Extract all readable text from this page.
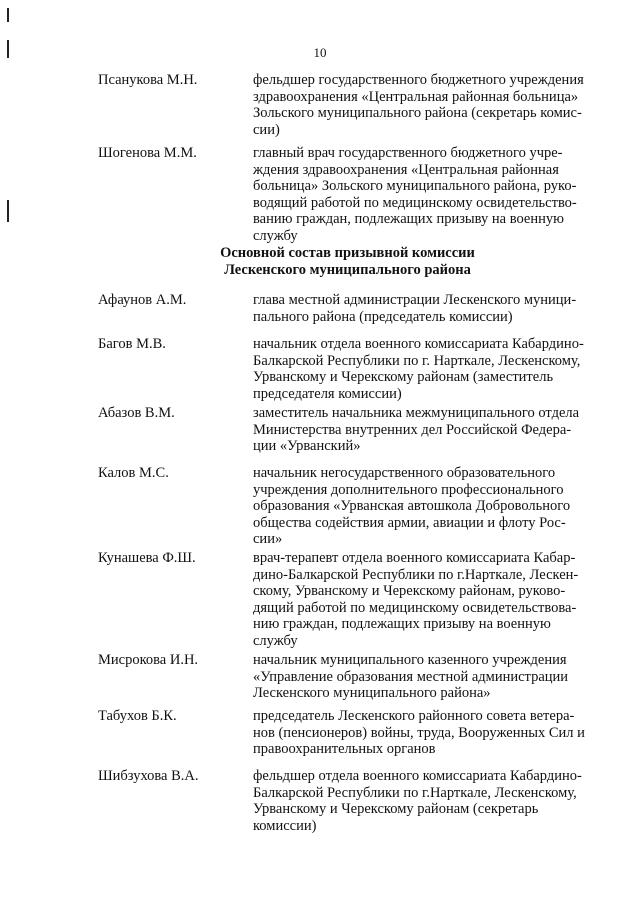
10
Псанукова М.Н.	фельдшер государственного бюджетного учреждения
здравоохранения «Центральная районная больница»
Зольского муниципального района (секретарь комис-
сии)
Шогенова М.М.	главный врач государственного бюджетного учре-
ждения здравоохранения «Центральная районная
больница» Зольского муниципального района, руко-
водящий работой по медицинскому освидетельство-
ванию граждан, подлежащих призыву на военную
службу
Основной состав призывной комиссии
Лескенского муниципального района
Афаунов А.М.	глава местной администрации Лескенского муници-
пального района (председатель комиссии)
Багов М.В.	начальник отдела военного комиссариата Кабардино-
Балкарской Республики по г. Нарткале, Лескенскому,
Урванскому и Черекскому районам (заместитель
председателя комиссии)
Абазов В.М.	заместитель начальника межмуниципального отдела
Министерства внутренних дел Российской Федера-
ции «Урванский»
Калов М.С.	начальник негосударственного образовательного
учреждения дополнительного профессионального
образования «Урванская автошкола Добровольного
общества содействия армии, авиации и флоту Рос-
сии»
Кунашева Ф.Ш.	врач-терапевт отдела военного комиссариата Кабар-
дино-Балкарской Республики по г.Нарткале, Лескен-
скому, Урванскому и Черекскому районам, руково-
дящий работой по медицинскому освидетельствова-
нию граждан, подлежащих призыву на военную
службу
Мисрокова И.Н.	начальник муниципального казенного учреждения
«Управление образования местной администрации
Лескенского муниципального района»
Табухов Б.К.	председатель Лескенского районного совета ветера-
нов (пенсионеров) войны, труда, Вооруженных Сил и
правоохранительных органов
Шибзухова В.А.	фельдшер отдела военного комиссариата Кабардино-
Балкарской Республики по г.Нарткале, Лескенскому,
Урванскому и Черекскому районам (секретарь
комиссии)
